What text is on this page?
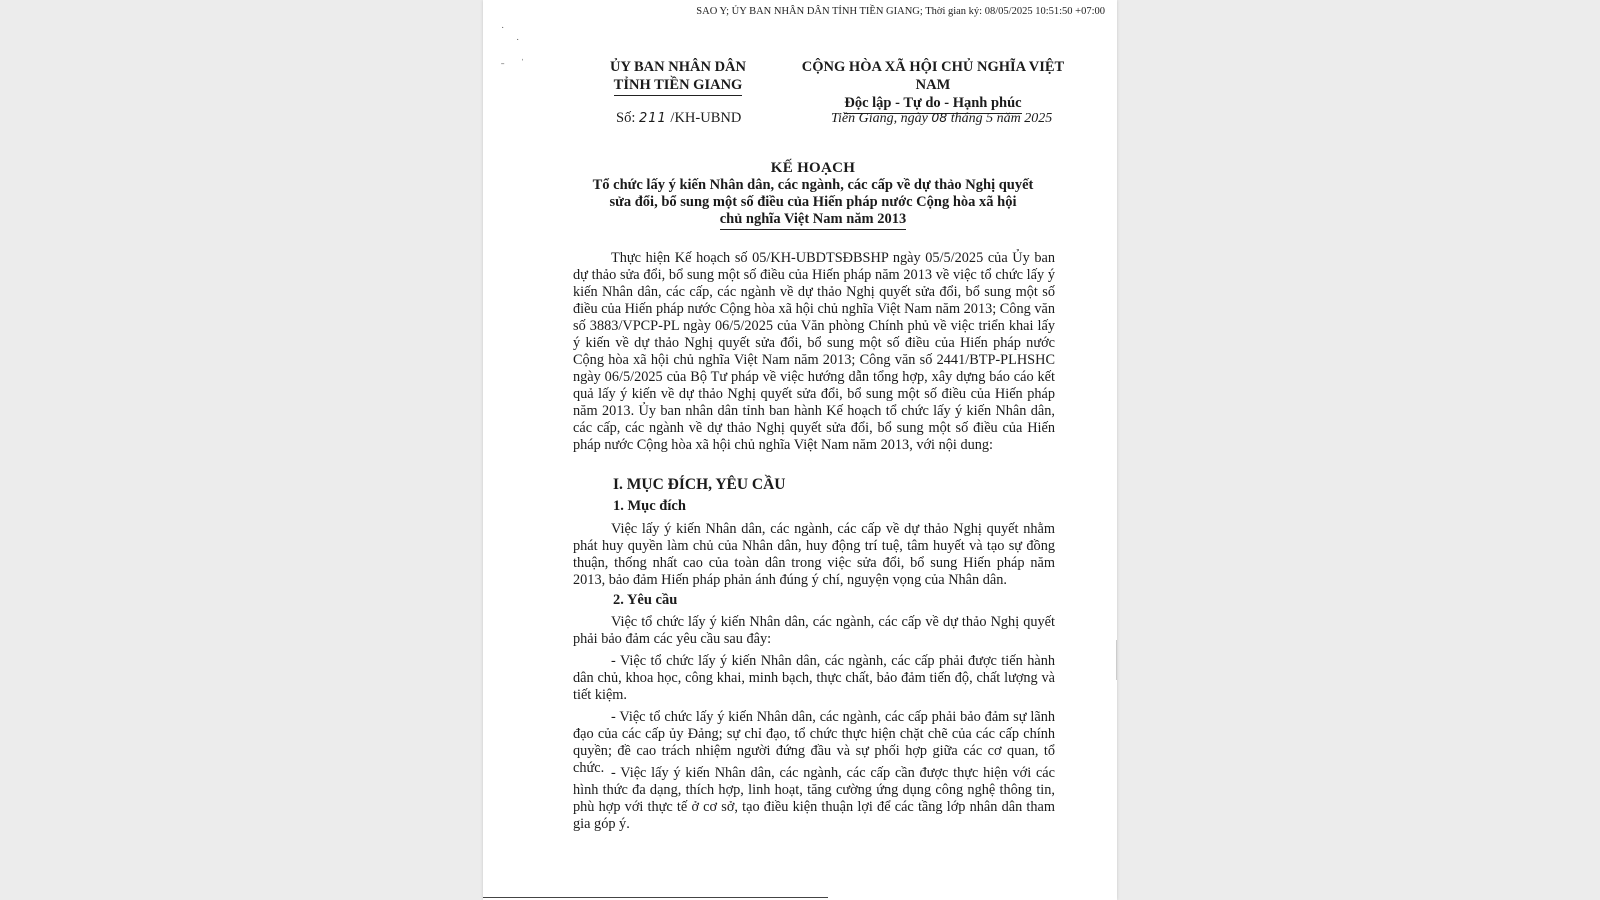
SAO Y; ỦY BAN NHÂN DÂN TỈNH TIỀN GIANG; Thời gian ký: 08/05/2025 10:51:50 +07:00
˙
˙
ˌ
ˉ	ỦY BAN NHÂN DÂN
TỈNH TIỀN GIANG
CỘNG HÒA XÃ HỘI CHỦ NGHĨA VIỆT NAM
Độc lập - Tự do - Hạnh phúc
Số: 211 /KH-UBND	Tiền Giang, ngày 08 tháng 5 năm 2025
KẾ HOẠCH
Tổ chức lấy ý kiến Nhân dân, các ngành, các cấp về dự thảo Nghị quyết
sửa đổi, bổ sung một số điều của Hiến pháp nước Cộng hòa xã hội
chủ nghĩa Việt Nam năm 2013

Thực hiện Kế hoạch số 05/KH-UBDTSĐBSHP ngày 05/5/2025 của Ủy ban dự thảo sửa đổi, bổ sung một số điều của Hiến pháp năm 2013 về việc tổ chức lấy ý kiến Nhân dân, các cấp, các ngành về dự thảo Nghị quyết sửa đổi, bổ sung một số điều của Hiến pháp nước Cộng hòa xã hội chủ nghĩa Việt Nam năm 2013; Công văn số 3883/VPCP-PL ngày 06/5/2025 của Văn phòng Chính phủ về việc triển khai lấy ý kiến về dự thảo Nghị quyết sửa đổi, bổ sung một số điều của Hiến pháp nước Cộng hòa xã hội chủ nghĩa Việt Nam năm 2013; Công văn số 2441/BTP-PLHSHC ngày 06/5/2025 của Bộ Tư pháp về việc hướng dẫn tổng hợp, xây dựng báo cáo kết quả lấy ý kiến về dự thảo Nghị quyết sửa đổi, bổ sung một số điều của Hiến pháp năm 2013. Ủy ban nhân dân tỉnh ban hành Kế hoạch tổ chức lấy ý kiến Nhân dân, các cấp, các ngành về dự thảo Nghị quyết sửa đổi, bổ sung một số điều của Hiến pháp nước Cộng hòa xã hội chủ nghĩa Việt Nam năm 2013, với nội dung:

I. MỤC ĐÍCH, YÊU CẦU
1. Mục đích

Việc lấy ý kiến Nhân dân, các ngành, các cấp về dự thảo Nghị quyết nhằm phát huy quyền làm chủ của Nhân dân, huy động trí tuệ, tâm huyết và tạo sự đồng thuận, thống nhất cao của toàn dân trong việc sửa đổi, bổ sung Hiến pháp năm 2013, bảo đảm Hiến pháp phản ánh đúng ý chí, nguyện vọng của Nhân dân.

2. Yêu cầu

Việc tổ chức lấy ý kiến Nhân dân, các ngành, các cấp về dự thảo Nghị quyết phải bảo đảm các yêu cầu sau đây:

- Việc tổ chức lấy ý kiến Nhân dân, các ngành, các cấp phải được tiến hành dân chủ, khoa học, công khai, minh bạch, thực chất, bảo đảm tiến độ, chất lượng và tiết kiệm.

- Việc tổ chức lấy ý kiến Nhân dân, các ngành, các cấp phải bảo đảm sự lãnh đạo của các cấp ủy Đảng; sự chỉ đạo, tổ chức thực hiện chặt chẽ của các cấp chính quyền; đề cao trách nhiệm người đứng đầu và sự phối hợp giữa các cơ quan, tổ chức. - Việc lấy ý kiến Nhân dân, các ngành, các cấp cần được thực hiện với các hình thức đa dạng, thích hợp, linh hoạt, tăng cường ứng dụng công nghệ thông tin, phù hợp với thực tế ở cơ sở, tạo điều kiện thuận lợi để các tầng lớp nhân dân tham gia góp ý.
